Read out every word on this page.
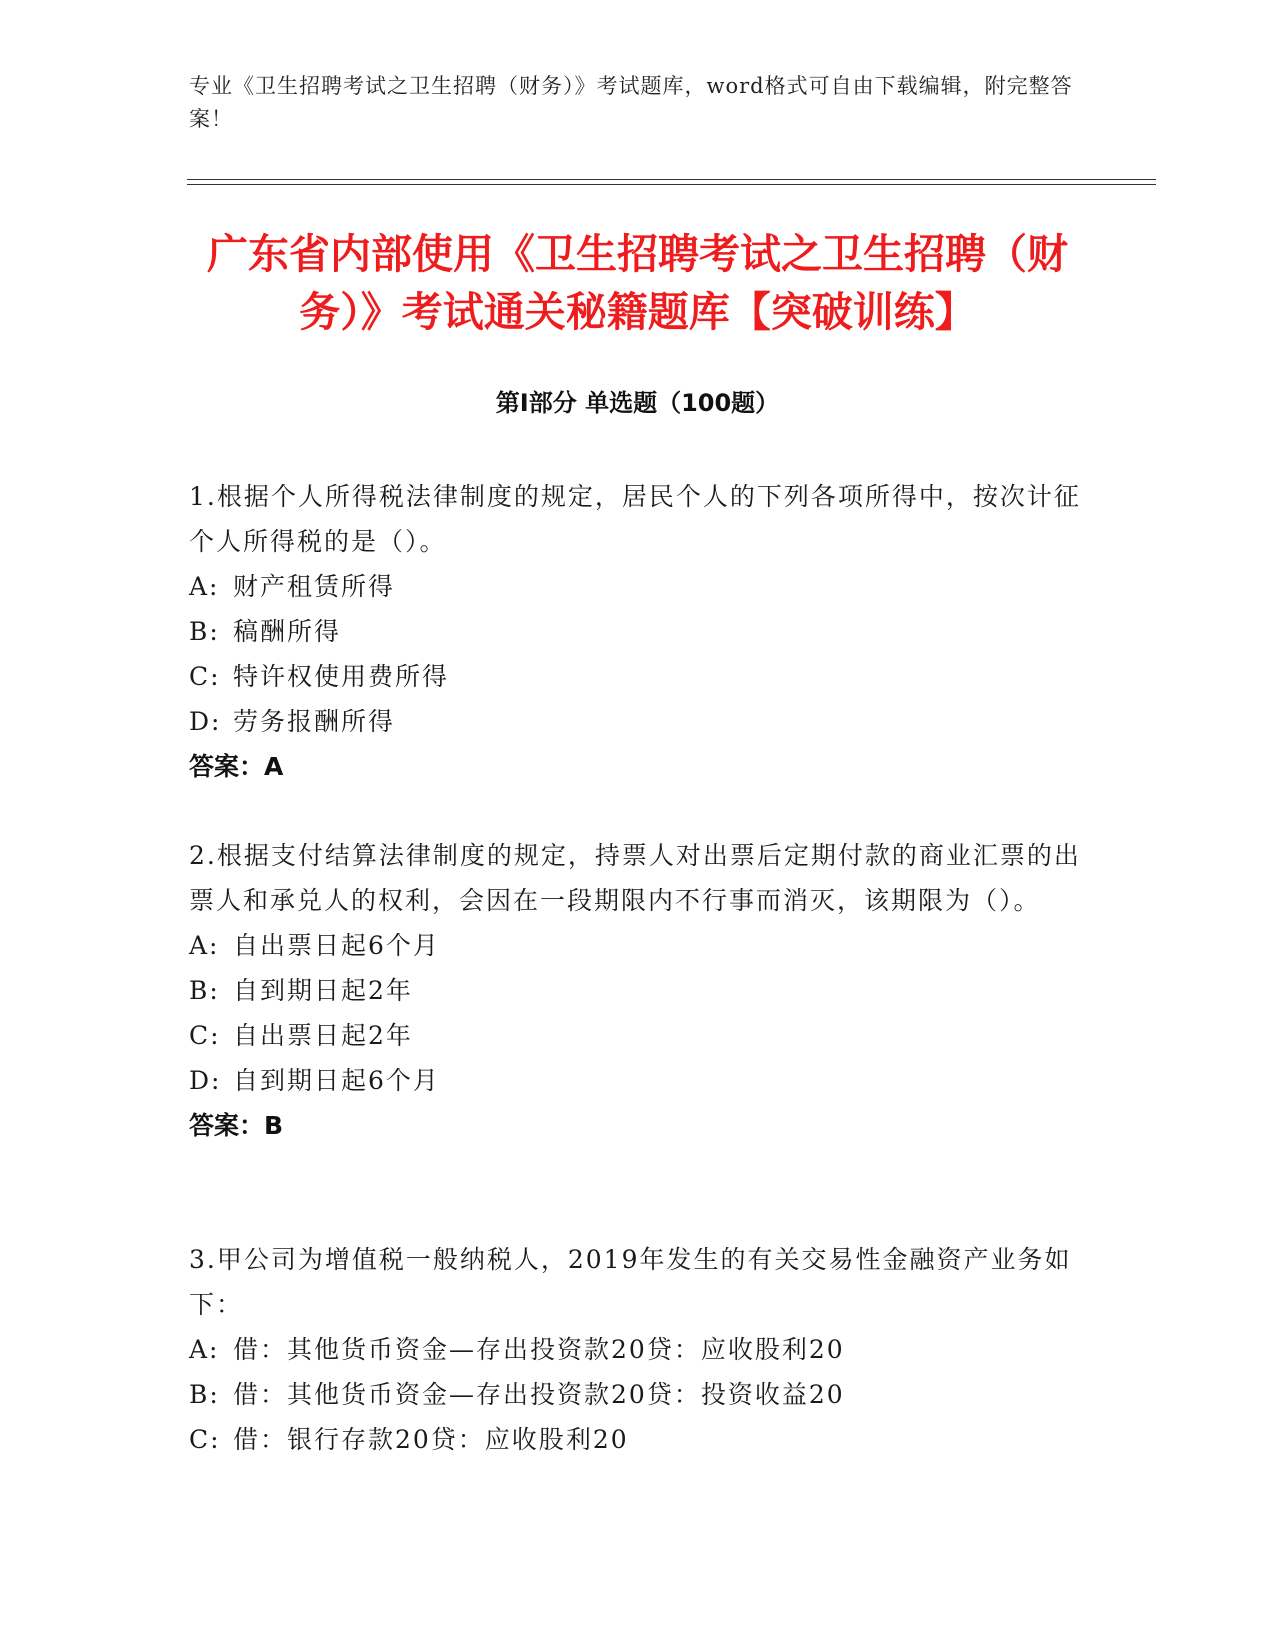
专业《卫生招聘考试之卫生招聘（财务）》考试题库，word格式可自由下载编辑，附完整答案！

广东省内部使用《卫生招聘考试之卫生招聘（财务）》考试通关秘籍题库【突破训练】
第Ⅰ部分 单选题（100题）

1.根据个人所得税法律制度的规定，居民个人的下列各项所得中，按次计征个人所得税的是（）。

A: 财产租赁所得

B: 稿酬所得

C: 特许权使用费所得

D: 劳务报酬所得

答案：A

2.根据支付结算法律制度的规定，持票人对出票后定期付款的商业汇票的出票人和承兑人的权利，会因在一段期限内不行事而消灭，该期限为（）。

A: 自出票日起6个月

B: 自到期日起2年

C: 自出票日起2年

D: 自到期日起6个月

答案：B

3.甲公司为增值税一般纳税人，2019年发生的有关交易性金融资产业务如下：

A: 借：其他货币资金—存出投资款20贷：应收股利20

B: 借：其他货币资金—存出投资款20贷：投资收益20

C: 借：银行存款20贷：应收股利20
